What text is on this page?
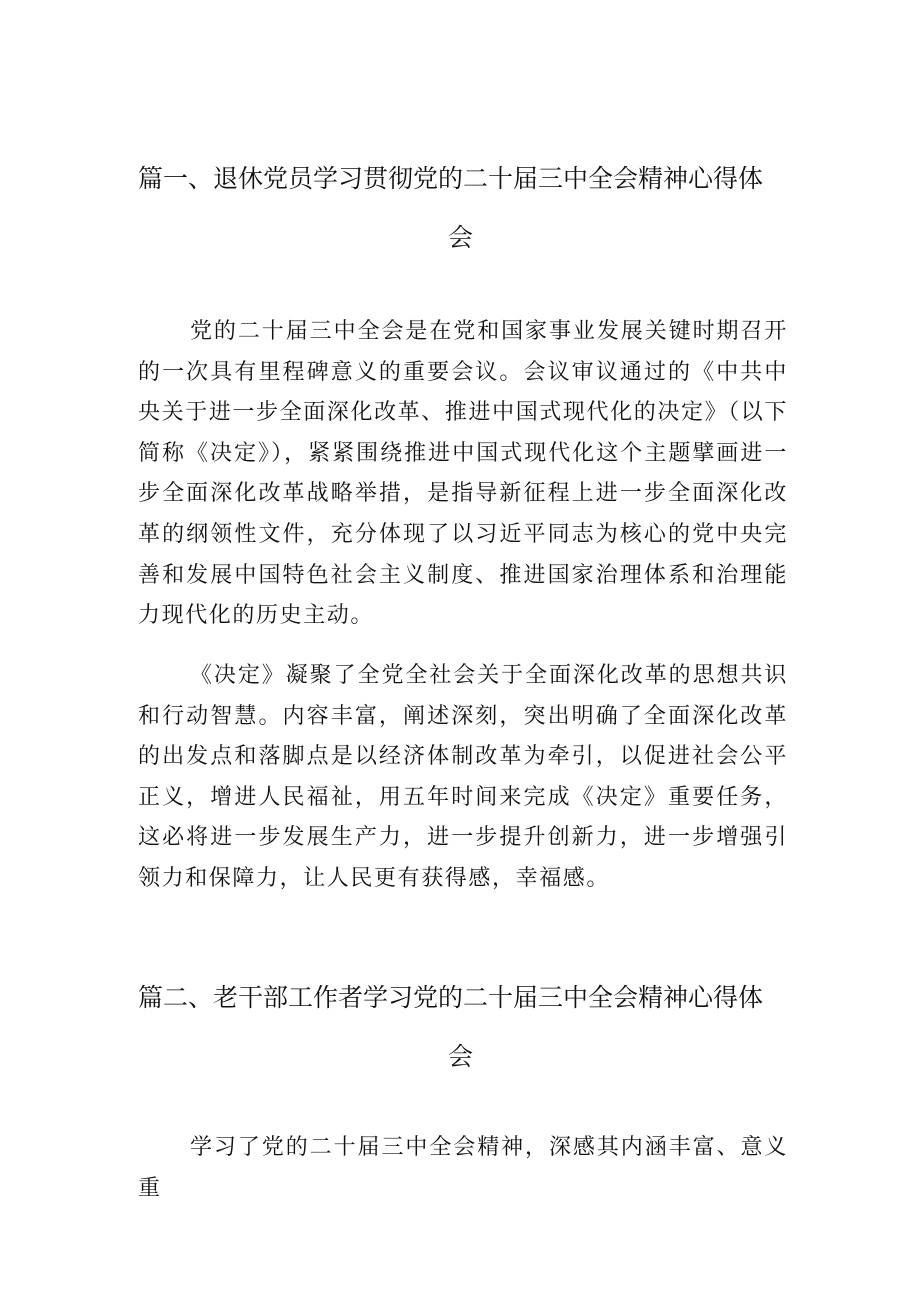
篇一、退休党员学习贯彻党的二十届三中全会精神心得体
会

党的二十届三中全会是在党和国家事业发展关键时期召开的一次具有里程碑意义的重要会议。会议审议通过的《中共中央关于进一步全面深化改革、推进中国式现代化的决定》（以下简称《决定》），紧紧围绕推进中国式现代化这个主题擘画进一步全面深化改革战略举措，是指导新征程上进一步全面深化改革的纲领性文件，充分体现了以习近平同志为核心的党中央完善和发展中国特色社会主义制度、推进国家治理体系和治理能力现代化的历史主动。

《决定》凝聚了全党全社会关于全面深化改革的思想共识和行动智慧。内容丰富，阐述深刻，突出明确了全面深化改革的出发点和落脚点是以经济体制改革为牵引，以促进社会公平正义，增进人民福祉，用五年时间来完成《决定》重要任务，这必将进一步发展生产力，进一步提升创新力，进一步增强引领力和保障力，让人民更有获得感，幸福感。

篇二、老干部工作者学习党的二十届三中全会精神心得体
会

学习了党的二十届三中全会精神，深感其内涵丰富、意义重
